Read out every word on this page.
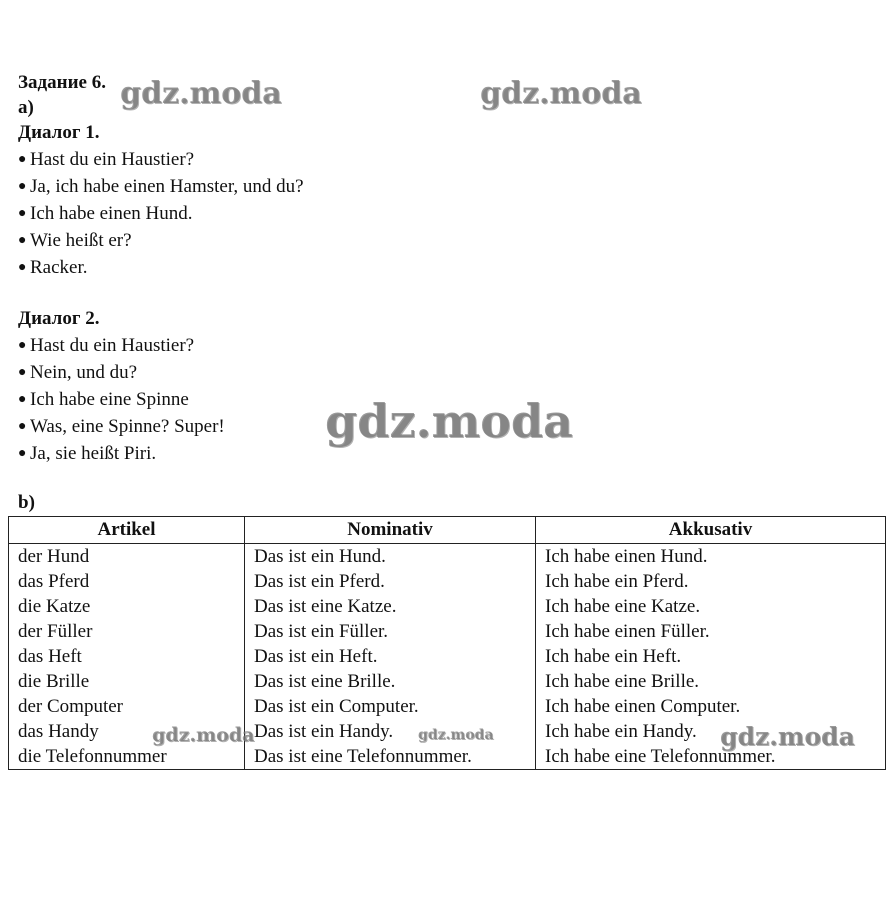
Задание 6.
а)
Диалог 1.
● Hast du ein Haustier?
● Ja, ich habe einen Hamster, und du?
● Ich habe einen Hund.
● Wie heißt er?
● Racker.
Диалог 2.
● Hast du ein Haustier?
● Nein, und du?
● Ich habe eine Spinne
● Was, eine Spinne? Super!
● Ja, sie heißt Piri.
b)
Artikel	Nominativ	Akkusativ
der Hund	Das ist ein Hund.	Ich habe einen Hund.
das Pferd	Das ist ein Pferd.	Ich habe ein Pferd.
die Katze	Das ist eine Katze.	Ich habe eine Katze.
der Füller	Das ist ein Füller.	Ich habe einen Füller.
das Heft	Das ist ein Heft.	Ich habe ein Heft.
die Brille	Das ist eine Brille.	Ich habe eine Brille.
der Computer	Das ist ein Computer.	Ich habe einen Computer.
das Handy	Das ist ein Handy.	Ich habe ein Handy.
die Telefonnummer	Das ist eine Telefonnummer.	Ich habe eine Telefonnummer.
gdz.moda	gdz.moda
gdz.moda
gdz.moda	gdz.moda	gdz.moda
